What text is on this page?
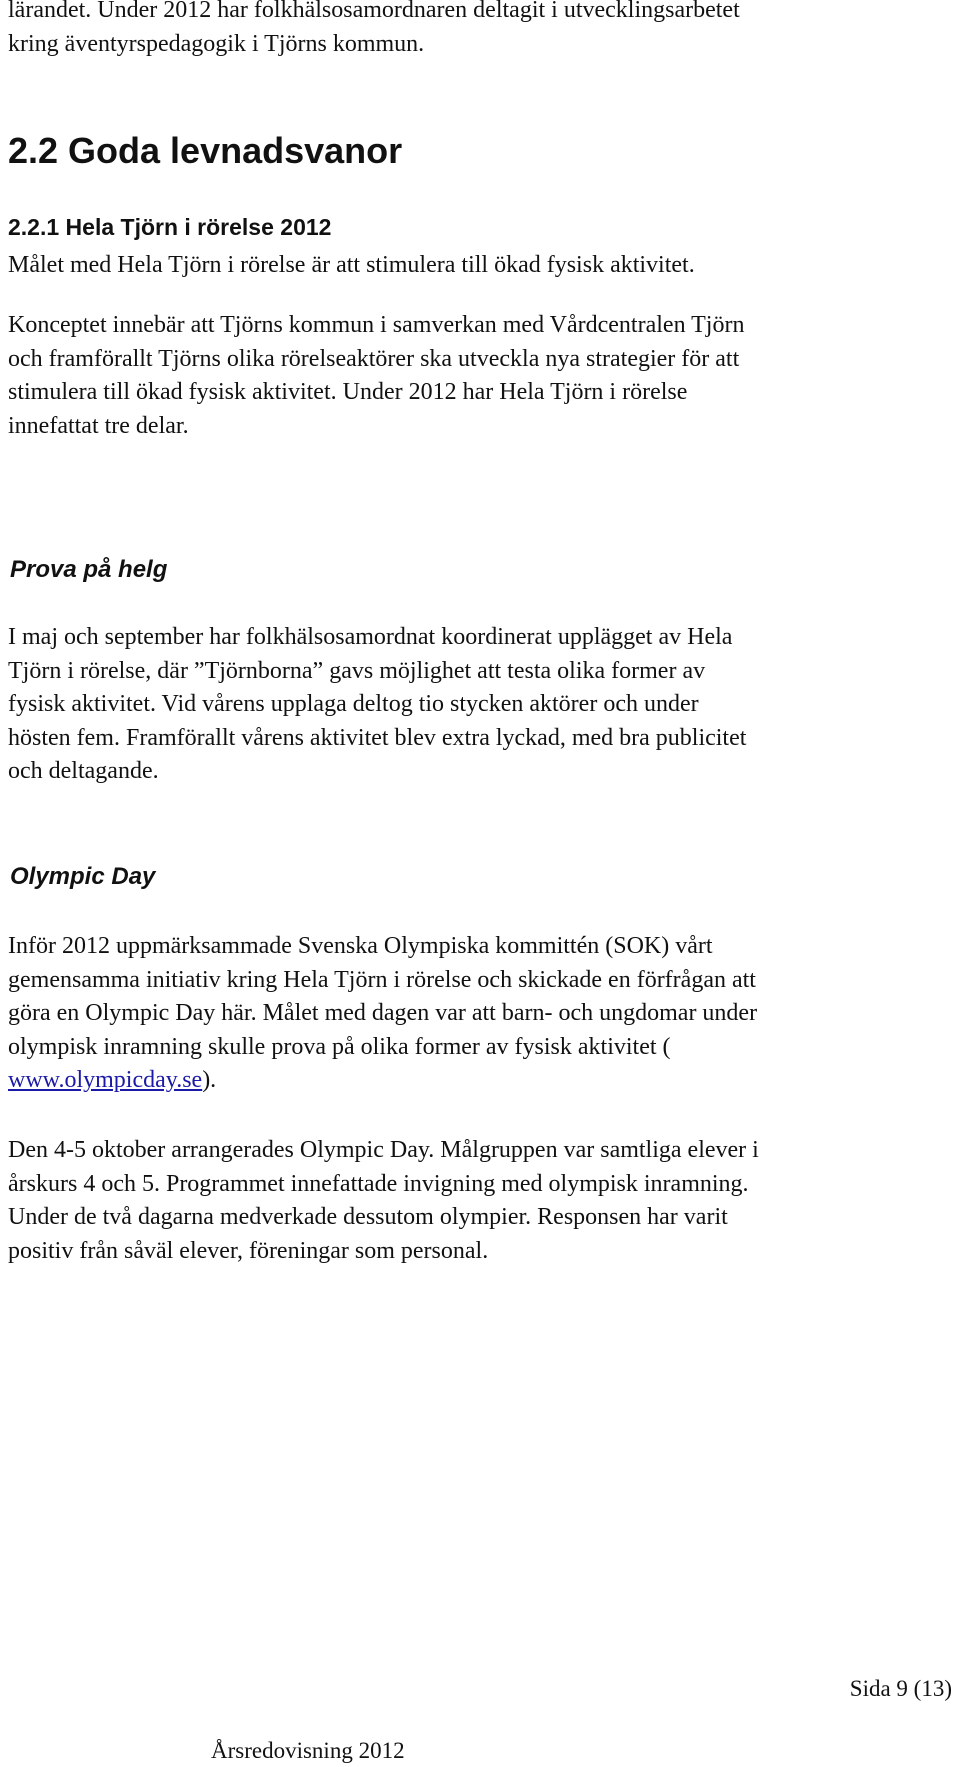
lärandet. Under 2012 har folkhälsosamordnaren deltagit i utvecklingsarbetet
kring äventyrspedagogik i Tjörns kommun.

2.2 Goda levnadsvanor
2.2.1 Hela Tjörn i rörelse 2012

Målet med Hela Tjörn i rörelse är att stimulera till ökad fysisk aktivitet.

Konceptet innebär att Tjörns kommun i samverkan med Vårdcentralen Tjörn
och framförallt Tjörns olika rörelseaktörer ska utveckla nya strategier för att
stimulera till ökad fysisk aktivitet. Under 2012 har Hela Tjörn i rörelse
innefattat tre delar.

Prova på helg

I maj och september har folkhälsosamordnat koordinerat upplägget av Hela
Tjörn i rörelse, där ”Tjörnborna” gavs möjlighet att testa olika former av
fysisk aktivitet. Vid vårens upplaga deltog tio stycken aktörer och under
hösten fem. Framförallt vårens aktivitet blev extra lyckad, med bra publicitet
och deltagande.

Olympic Day

Inför 2012 uppmärksammade Svenska Olympiska kommittén (SOK) vårt
gemensamma initiativ kring Hela Tjörn i rörelse och skickade en förfrågan att
göra en Olympic Day här. Målet med dagen var att barn- och ungdomar under
olympisk inramning skulle prova på olika former av fysisk aktivitet (
www.olympicday.se).

Den 4-5 oktober arrangerades Olympic Day. Målgruppen var samtliga elever i
årskurs 4 och 5. Programmet innefattade invigning med olympisk inramning.
Under de två dagarna medverkade dessutom olympier. Responsen har varit
positiv från såväl elever, föreningar som personal.

Sida 9 (13)
Årsredovisning 2012
